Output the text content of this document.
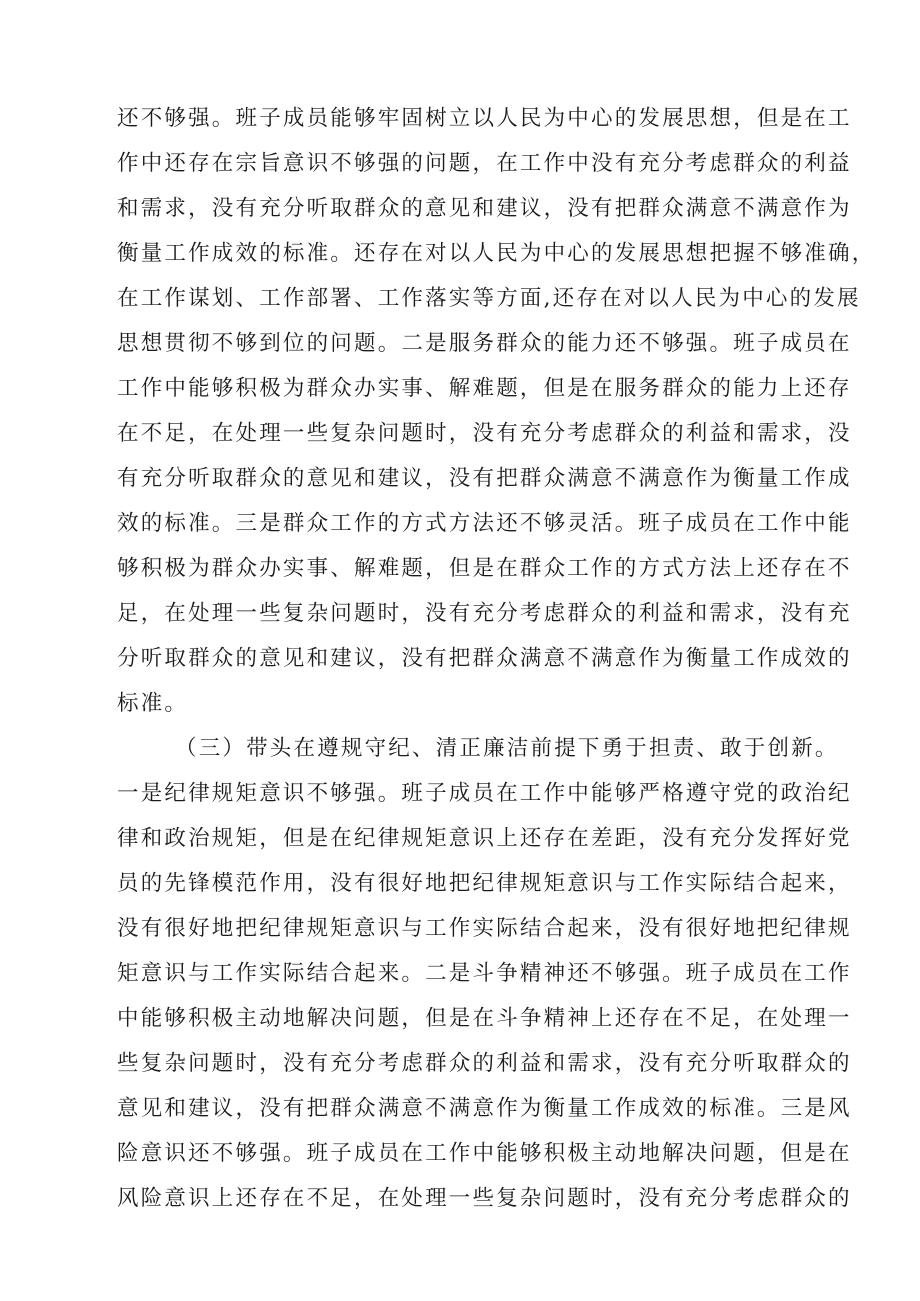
还不够强。班子成员能够牢固树立以人民为中心的发展思想，但是在工
作中还存在宗旨意识不够强的问题，在工作中没有充分考虑群众的利益
和需求，没有充分听取群众的意见和建议，没有把群众满意不满意作为
衡量工作成效的标准。还存在对以人民为中心的发展思想把握不够准确，
在工作谋划、工作部署、工作落实等方面,还存在对以人民为中心的发展
思想贯彻不够到位的问题。二是服务群众的能力还不够强。班子成员在
工作中能够积极为群众办实事、解难题，但是在服务群众的能力上还存
在不足，在处理一些复杂问题时，没有充分考虑群众的利益和需求，没
有充分听取群众的意见和建议，没有把群众满意不满意作为衡量工作成
效的标准。三是群众工作的方式方法还不够灵活。班子成员在工作中能
够积极为群众办实事、解难题，但是在群众工作的方式方法上还存在不
足，在处理一些复杂问题时，没有充分考虑群众的利益和需求，没有充
分听取群众的意见和建议，没有把群众满意不满意作为衡量工作成效的
标准。
（三）带头在遵规守纪、清正廉洁前提下勇于担责、敢于创新。
一是纪律规矩意识不够强。班子成员在工作中能够严格遵守党的政治纪
律和政治规矩，但是在纪律规矩意识上还存在差距，没有充分发挥好党
员的先锋模范作用，没有很好地把纪律规矩意识与工作实际结合起来，
没有很好地把纪律规矩意识与工作实际结合起来，没有很好地把纪律规
矩意识与工作实际结合起来。二是斗争精神还不够强。班子成员在工作
中能够积极主动地解决问题，但是在斗争精神上还存在不足，在处理一
些复杂问题时，没有充分考虑群众的利益和需求，没有充分听取群众的
意见和建议，没有把群众满意不满意作为衡量工作成效的标准。三是风
险意识还不够强。班子成员在工作中能够积极主动地解决问题，但是在
风险意识上还存在不足，在处理一些复杂问题时，没有充分考虑群众的
